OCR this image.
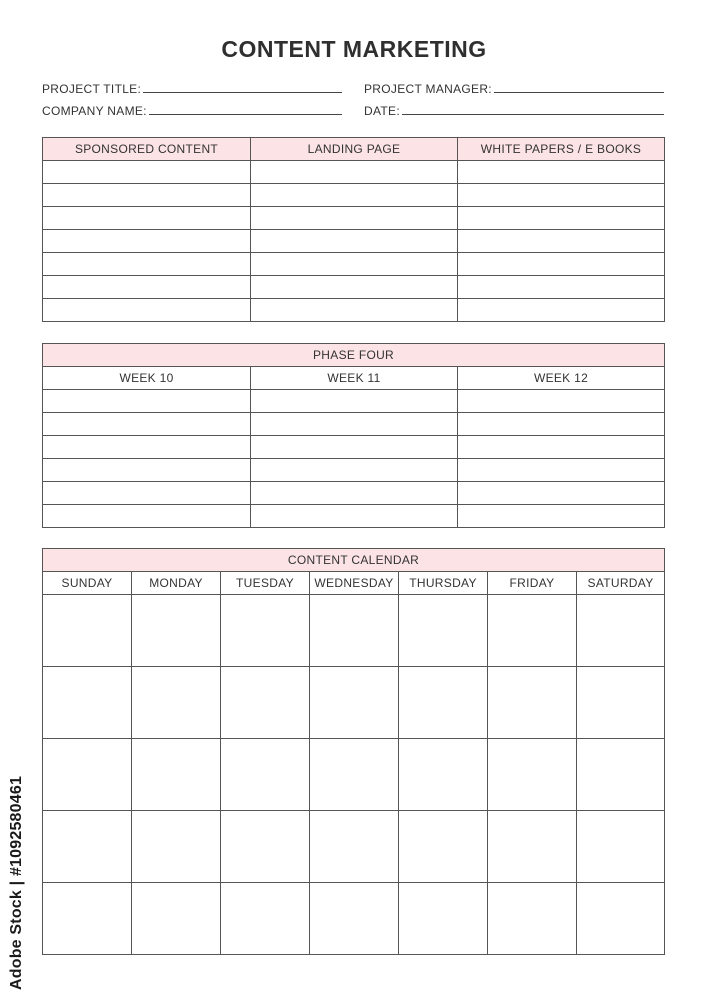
CONTENT MARKETING
PROJECT TITLE:	PROJECT MANAGER:
COMPANY NAME:	DATE:
SPONSORED CONTENT	LANDING PAGE	WHITE PAPERS / E BOOKS

PHASE FOUR		
WEEK 10	WEEK 11	WEEK 12

CONTENT CALENDAR						
SUNDAY	MONDAY	TUESDAY	WEDNESDAY	THURSDAY	FRIDAY	SATURDAY

Adobe Stock | #1092580461
